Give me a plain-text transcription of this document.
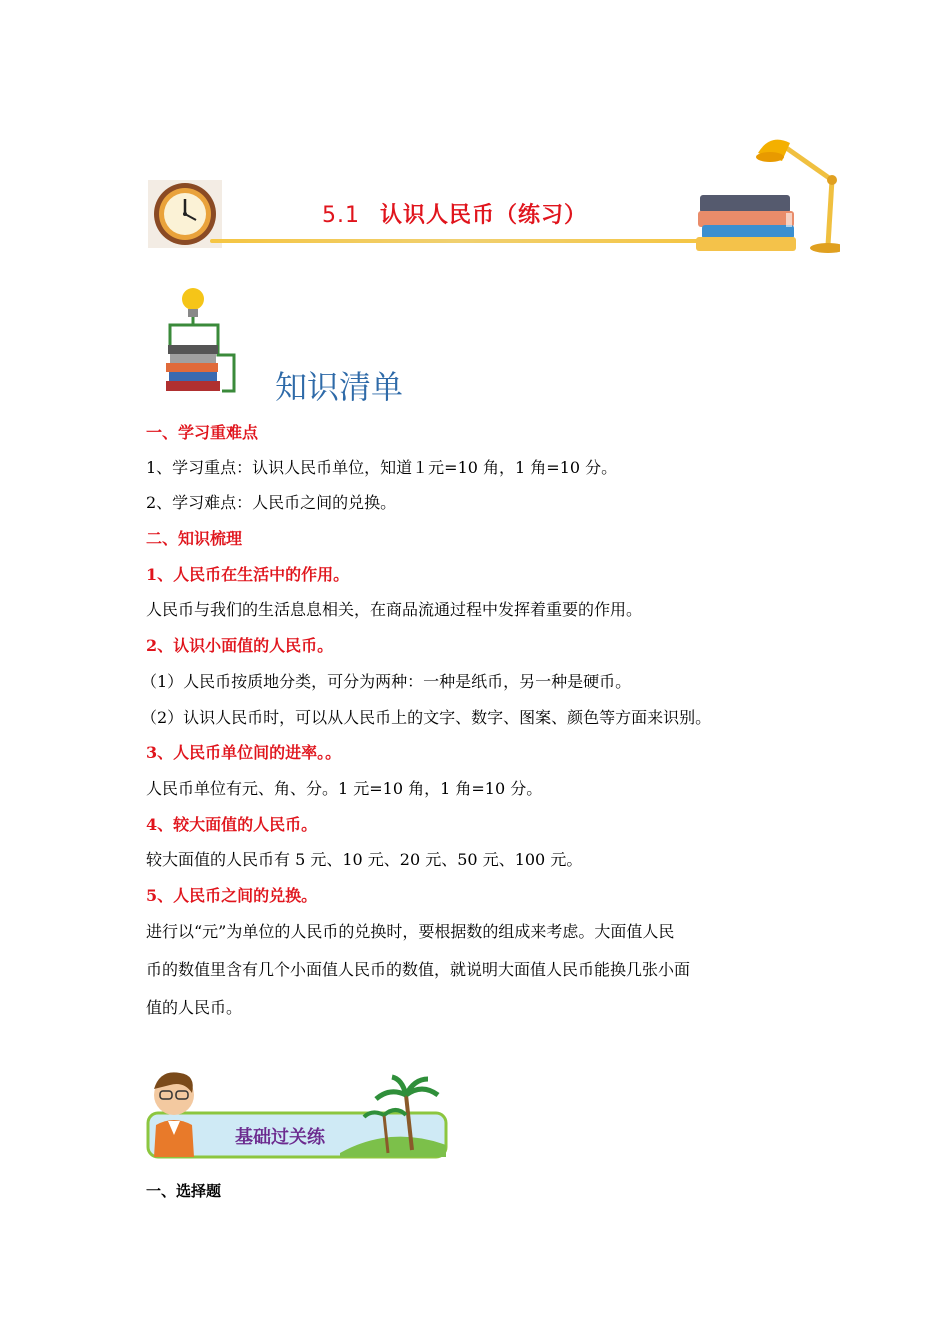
5.1 认识人民币（练习）
知识清单
一、学习重难点
1、学习重点：认识人民币单位，知道１元=10 角，1 角=10 分。
2、学习难点：人民币之间的兑换。
二、知识梳理
1、人民币在生活中的作用。
人民币与我们的生活息息相关，在商品流通过程中发挥着重要的作用。
2、认识小面值的人民币。
（1）人民币按质地分类，可分为两种：一种是纸币，另一种是硬币。
（2）认识人民币时，可以从人民币上的文字、数字、图案、颜色等方面来识别。
3、人民币单位间的进率。。
人民币单位有元、角、分。1 元=10 角，1 角=10 分。
4、较大面值的人民币。
较大面值的人民币有 5 元、10 元、20 元、50 元、100 元。
5、人民币之间的兑换。
进行以“元”为单位的人民币的兑换时，要根据数的组成来考虑。大面值人民
币的数值里含有几个小面值人民币的数值，就说明大面值人民币能换几张小面
值的人民币。
基础过关练
一、选择题
